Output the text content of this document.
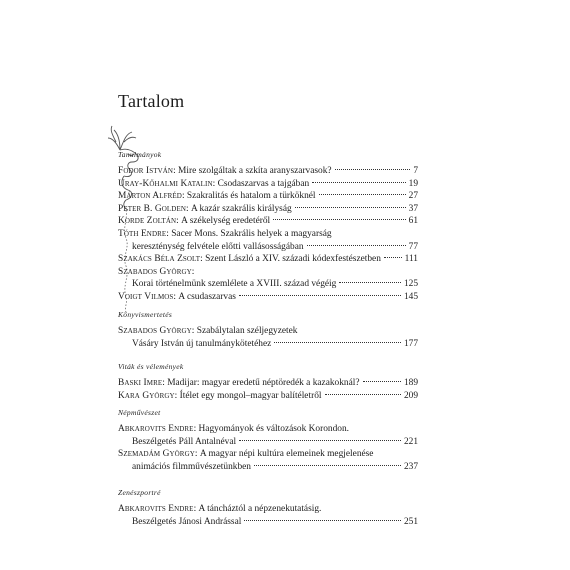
Tartalom
Tanulmányok
Fodor István : Mire szolgáltak a szkíta aranyszarvasok?	7
Uray-Kőhalmi Katalin : Csodaszarvas a tajgában	19
Márton Alfréd : Szakralitás és hatalom a türköknél	27
Peter B. Golden : A kazár szakrális királyság	37
Korde Zoltán : A székelység eredetéről	61
Tóth Endre : Sacer Mons. Szakrális helyek a magyarság
kereszténység felvétele előtti vallásosságában	77
Szakács Béla Zsolt : Szent László a XIV. századi kódexfestészetben	111
Szabados György :
Korai történelmünk szemlélete a XVIII. század végéig	125
Voigt Vilmos : A csudaszarvas	145
Könyvismertetés
Szabados György : Szabálytalan széljegyzetek
Vásáry István új tanulmánykötetéhez	177
Viták és vélemények
Baski Imre : Madijar: magyar eredetű néptöredék a kazakoknál?	189
Kara György : Ítélet egy mongol–magyar balítéletről	209
Népművészet
Abkarovits Endre : Hagyományok és változások Korondon.
Beszélgetés Páll Antalnéval	221
Szemadám György : A magyar népi kultúra elemeinek megjelenése
animációs filmművészetünkben	237
Zenészportré
Abkarovits Endre : A táncháztól a népzenekutatásig.
Beszélgetés Jánosi Andrással	251
